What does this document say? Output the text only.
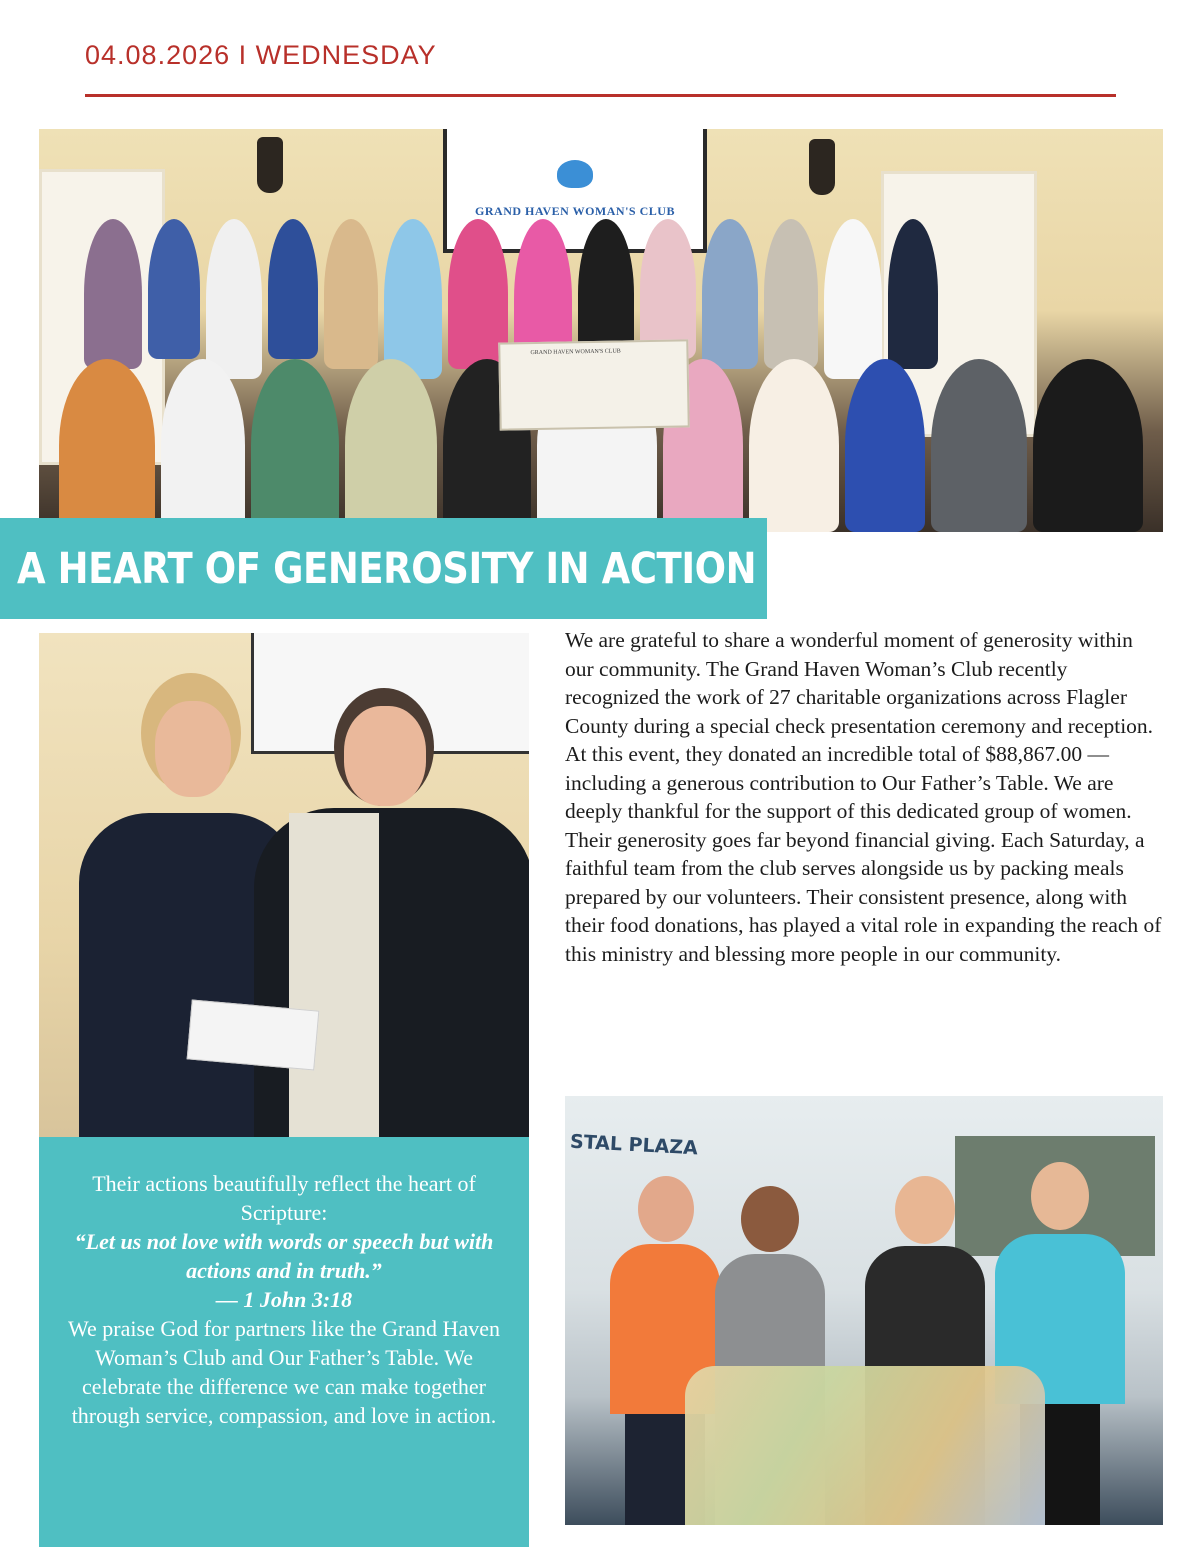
04.08.2026 I WEDNESDAY
GRAND HAVEN WOMAN'S CLUB
GRAND HAVEN WOMAN'S CLUB
A HEART OF GENEROSITY IN ACTION
We are grateful to share a wonderful moment of generosity within our community. The Grand Haven Woman’s Club recently recognized the work of 27 charitable organizations across Flagler County during a special check presentation ceremony and reception. At this event, they donated an incredible total of $88,867.00 —including a generous contribution to Our Father’s Table. We are deeply thankful for the support of this dedicated group of women. Their generosity goes far beyond financial giving. Each Saturday, a faithful team from the club serves alongside us by packing meals prepared by our volunteers. Their consistent presence, along with their food donations, has played a vital role in expanding the reach of this ministry and blessing more people in our community.

Their actions beautifully reflect the heart of Scripture:

“Let us not love with words or speech but with actions and in truth.”

— 1 John 3:18

We praise God for partners like the Grand Haven Woman’s Club and Our Father’s Table. We celebrate the difference we can make together through service, compassion, and love in action.

STAL PLAZA
